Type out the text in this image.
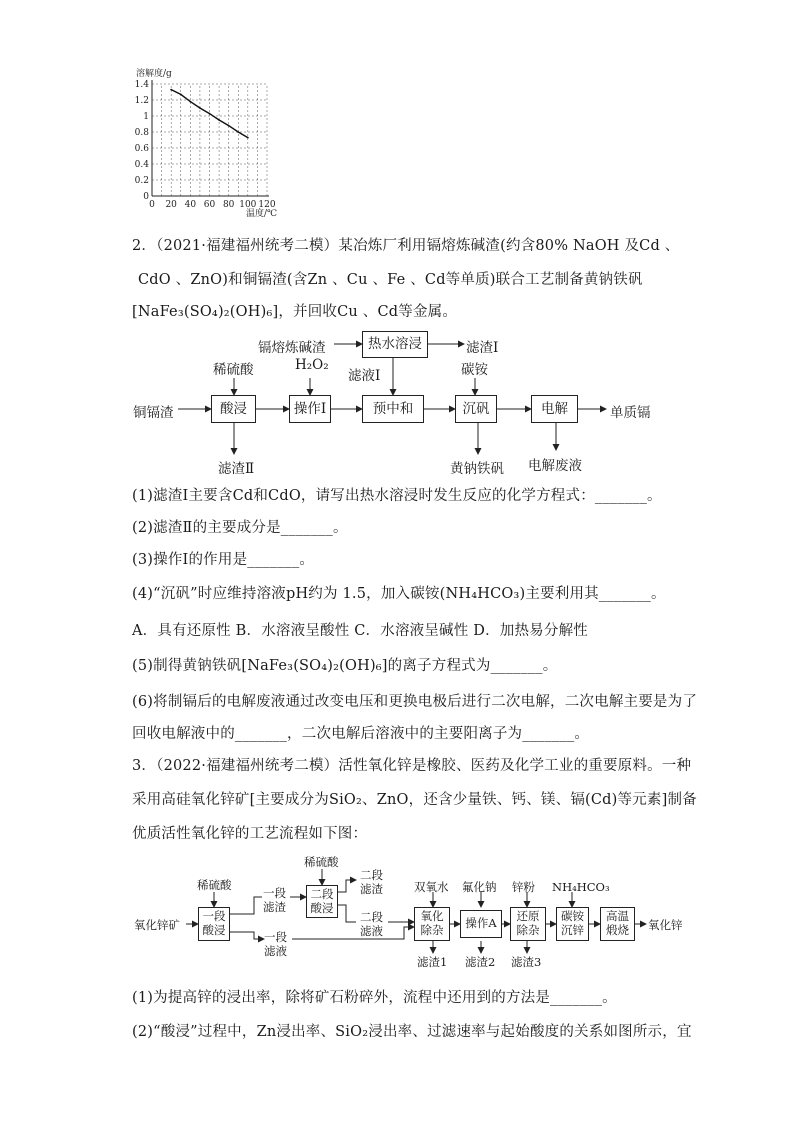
0 20 40 60 80 100 120
0
0.2
0.4
0.6
0.8
1
1.2
1.4
溶解度/g
温度/℃
2．（2021·福建福州统考二模）某冶炼厂利用镉熔炼碱渣(约含80% NaOH 及Cd 、
CdO 、ZnO)和铜镉渣(含Zn 、Cu 、Fe 、Cd等单质)联合工艺制备黄钠铁矾
[NaFe₃(SO₄)₂(OH)₆]，并回收Cu 、Cd等金属。
镉熔炼碱渣	热水溶浸	滤渣Ⅰ
滤液Ⅰ
稀硫酸	H₂O₂	碳铵
铜镉渣	酸浸	操作Ⅰ	预中和	沉矾	电解	单质镉
滤渣Ⅱ	黄钠铁矾 电解废液
(1)滤渣Ⅰ主要含Cd和CdO，请写出热水溶浸时发生反应的化学方程式：_______。
(2)滤渣Ⅱ的主要成分是_______。
(3)操作Ⅰ的作用是_______。
(4)“沉矾”时应维持溶液pH约为 1.5，加入碳铵(NH₄HCO₃)主要利用其_______。
A．具有还原性 B．水溶液呈酸性 C．水溶液呈碱性 D．加热易分解性
(5)制得黄钠铁矾[NaFe₃(SO₄)₂(OH)₆]的离子方程式为_______。
(6)将制镉后的电解废液通过改变电压和更换电极后进行二次电解，二次电解主要是为了
回收电解液中的_______，二次电解后溶液中的主要阳离子为_______。
3．（2022·福建福州统考二模）活性氧化锌是橡胶、医药及化学工业的重要原料。一种
采用高硅氧化锌矿[主要成分为SiO₂、ZnO，还含少量铁、钙、镁、镉(Cd)等元素]制备
优质活性氧化锌的工艺流程如下图：
氧化锌矿
稀硫酸
一段
酸浸
一段
滤渣
稀硫酸
二段
酸浸
一段
滤液
二段
滤渣
二段
滤液
双氧水 氟化钠 锌粉 NH₄HCO₃
氧化
除杂	操作A	还原
除杂
碳铵
沉锌
高温
煅烧 氧化锌
滤渣1 滤渣2 滤渣3
(1)为提高锌的浸出率，除将矿石粉碎外，流程中还用到的方法是_______。
(2)“酸浸”过程中，Zn浸出率、SiO₂浸出率、过滤速率与起始酸度的关系如图所示，宜
